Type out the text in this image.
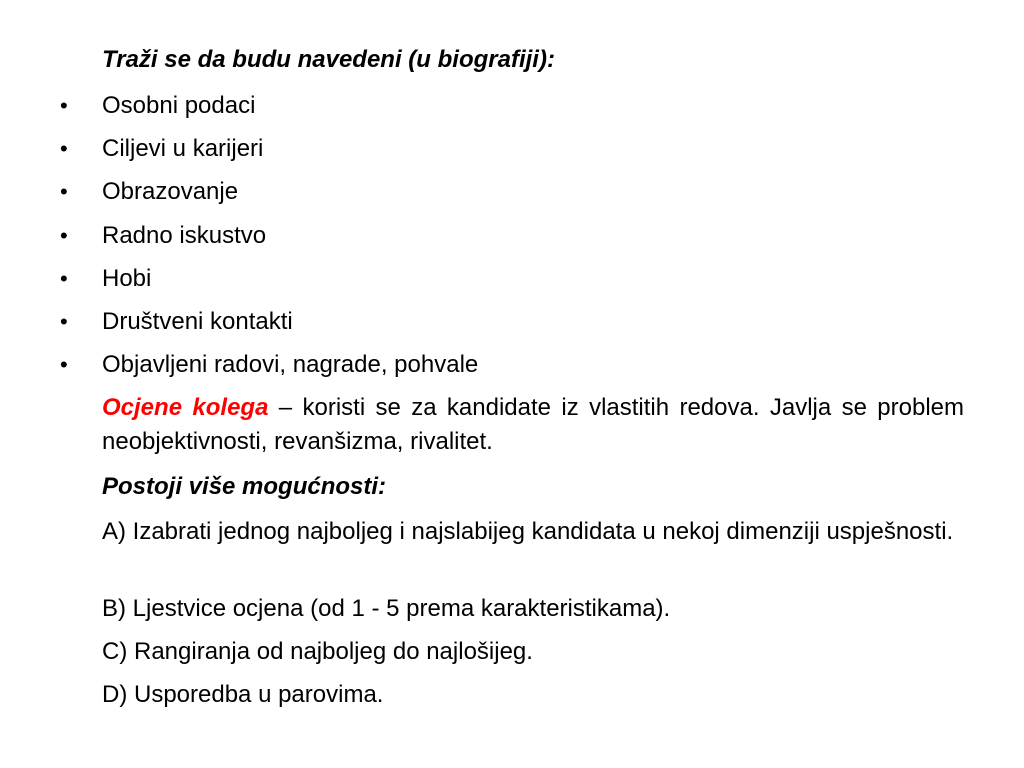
Traži se da budu navedeni (u biografiji):
• Osobni podaci
• Ciljevi u karijeri
• Obrazovanje
• Radno iskustvo
• Hobi
• Društveni kontakti
• Objavljeni radovi, nagrade, pohvale
Ocjene kolega – koristi se za kandidate iz vlastitih redova. Javlja se problem neobjektivnosti, revanšizma, rivalitet.
Postoji više mogućnosti:
A) Izabrati jednog najboljeg i najslabijeg kandidata u nekoj dimenziji uspješnosti.
B) Ljestvice ocjena (od 1 - 5 prema karakteristikama).
C) Rangiranja od najboljeg do najlošijeg.
D) Usporedba u parovima.
